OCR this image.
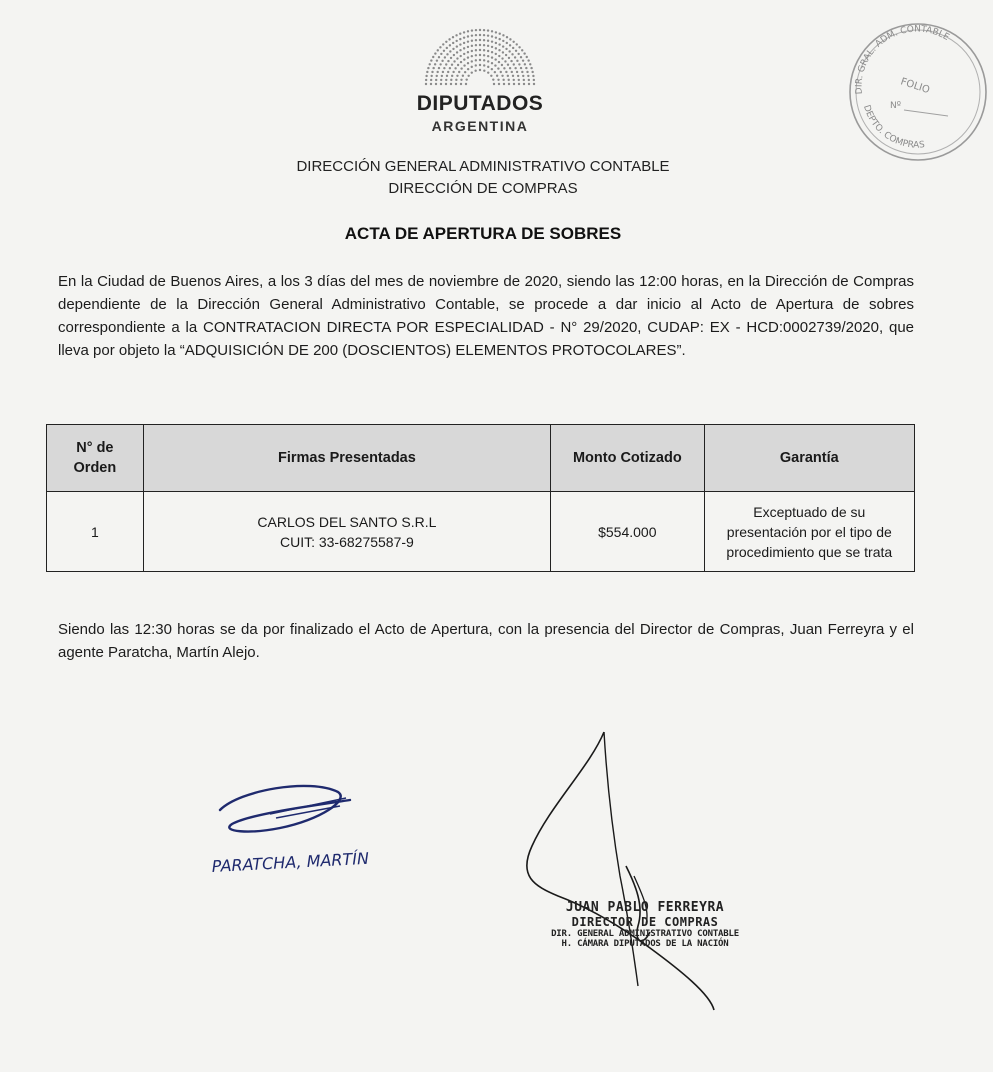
DIPUTADOS
ARGENTINA
DIR. GRAL. ADM. CONTABLE
DEPTO. COMPRAS
FOLIO
Nº
DIRECCIÓN GENERAL ADMINISTRATIVO CONTABLE
DIRECCIÓN DE COMPRAS
ACTA DE APERTURA DE SOBRES
En la Ciudad de Buenos Aires, a los 3 días del mes de noviembre de 2020, siendo las 12:00 horas, en la Dirección de Compras dependiente de la Dirección General Administrativo Contable, se procede a dar inicio al Acto de Apertura de sobres correspondiente a la CONTRATACION DIRECTA POR ESPECIALIDAD - N° 29/2020, CUDAP: EX - HCD:0002739/2020, que lleva por objeto la “ADQUISICIÓN DE 200 (DOSCIENTOS) ELEMENTOS PROTOCOLARES”.
N° de
Orden	Firmas Presentadas	Monto Cotizado	Garantía
1	CARLOS DEL SANTO S.R.L
CUIT: 33-68275587-9	$554.000	Exceptuado de su
presentación por el tipo de
procedimiento que se trata
Siendo las 12:30 horas se da por finalizado el Acto de Apertura, con la presencia del Director de Compras, Juan Ferreyra y el agente Paratcha, Martín Alejo.
PARATCHA, MARTÍN
JUAN PABLO FERREYRA
DIRECTOR DE COMPRAS
DIR. GENERAL ADMINISTRATIVO CONTABLE
H. CÁMARA DIPUTADOS DE LA NACIÓN
